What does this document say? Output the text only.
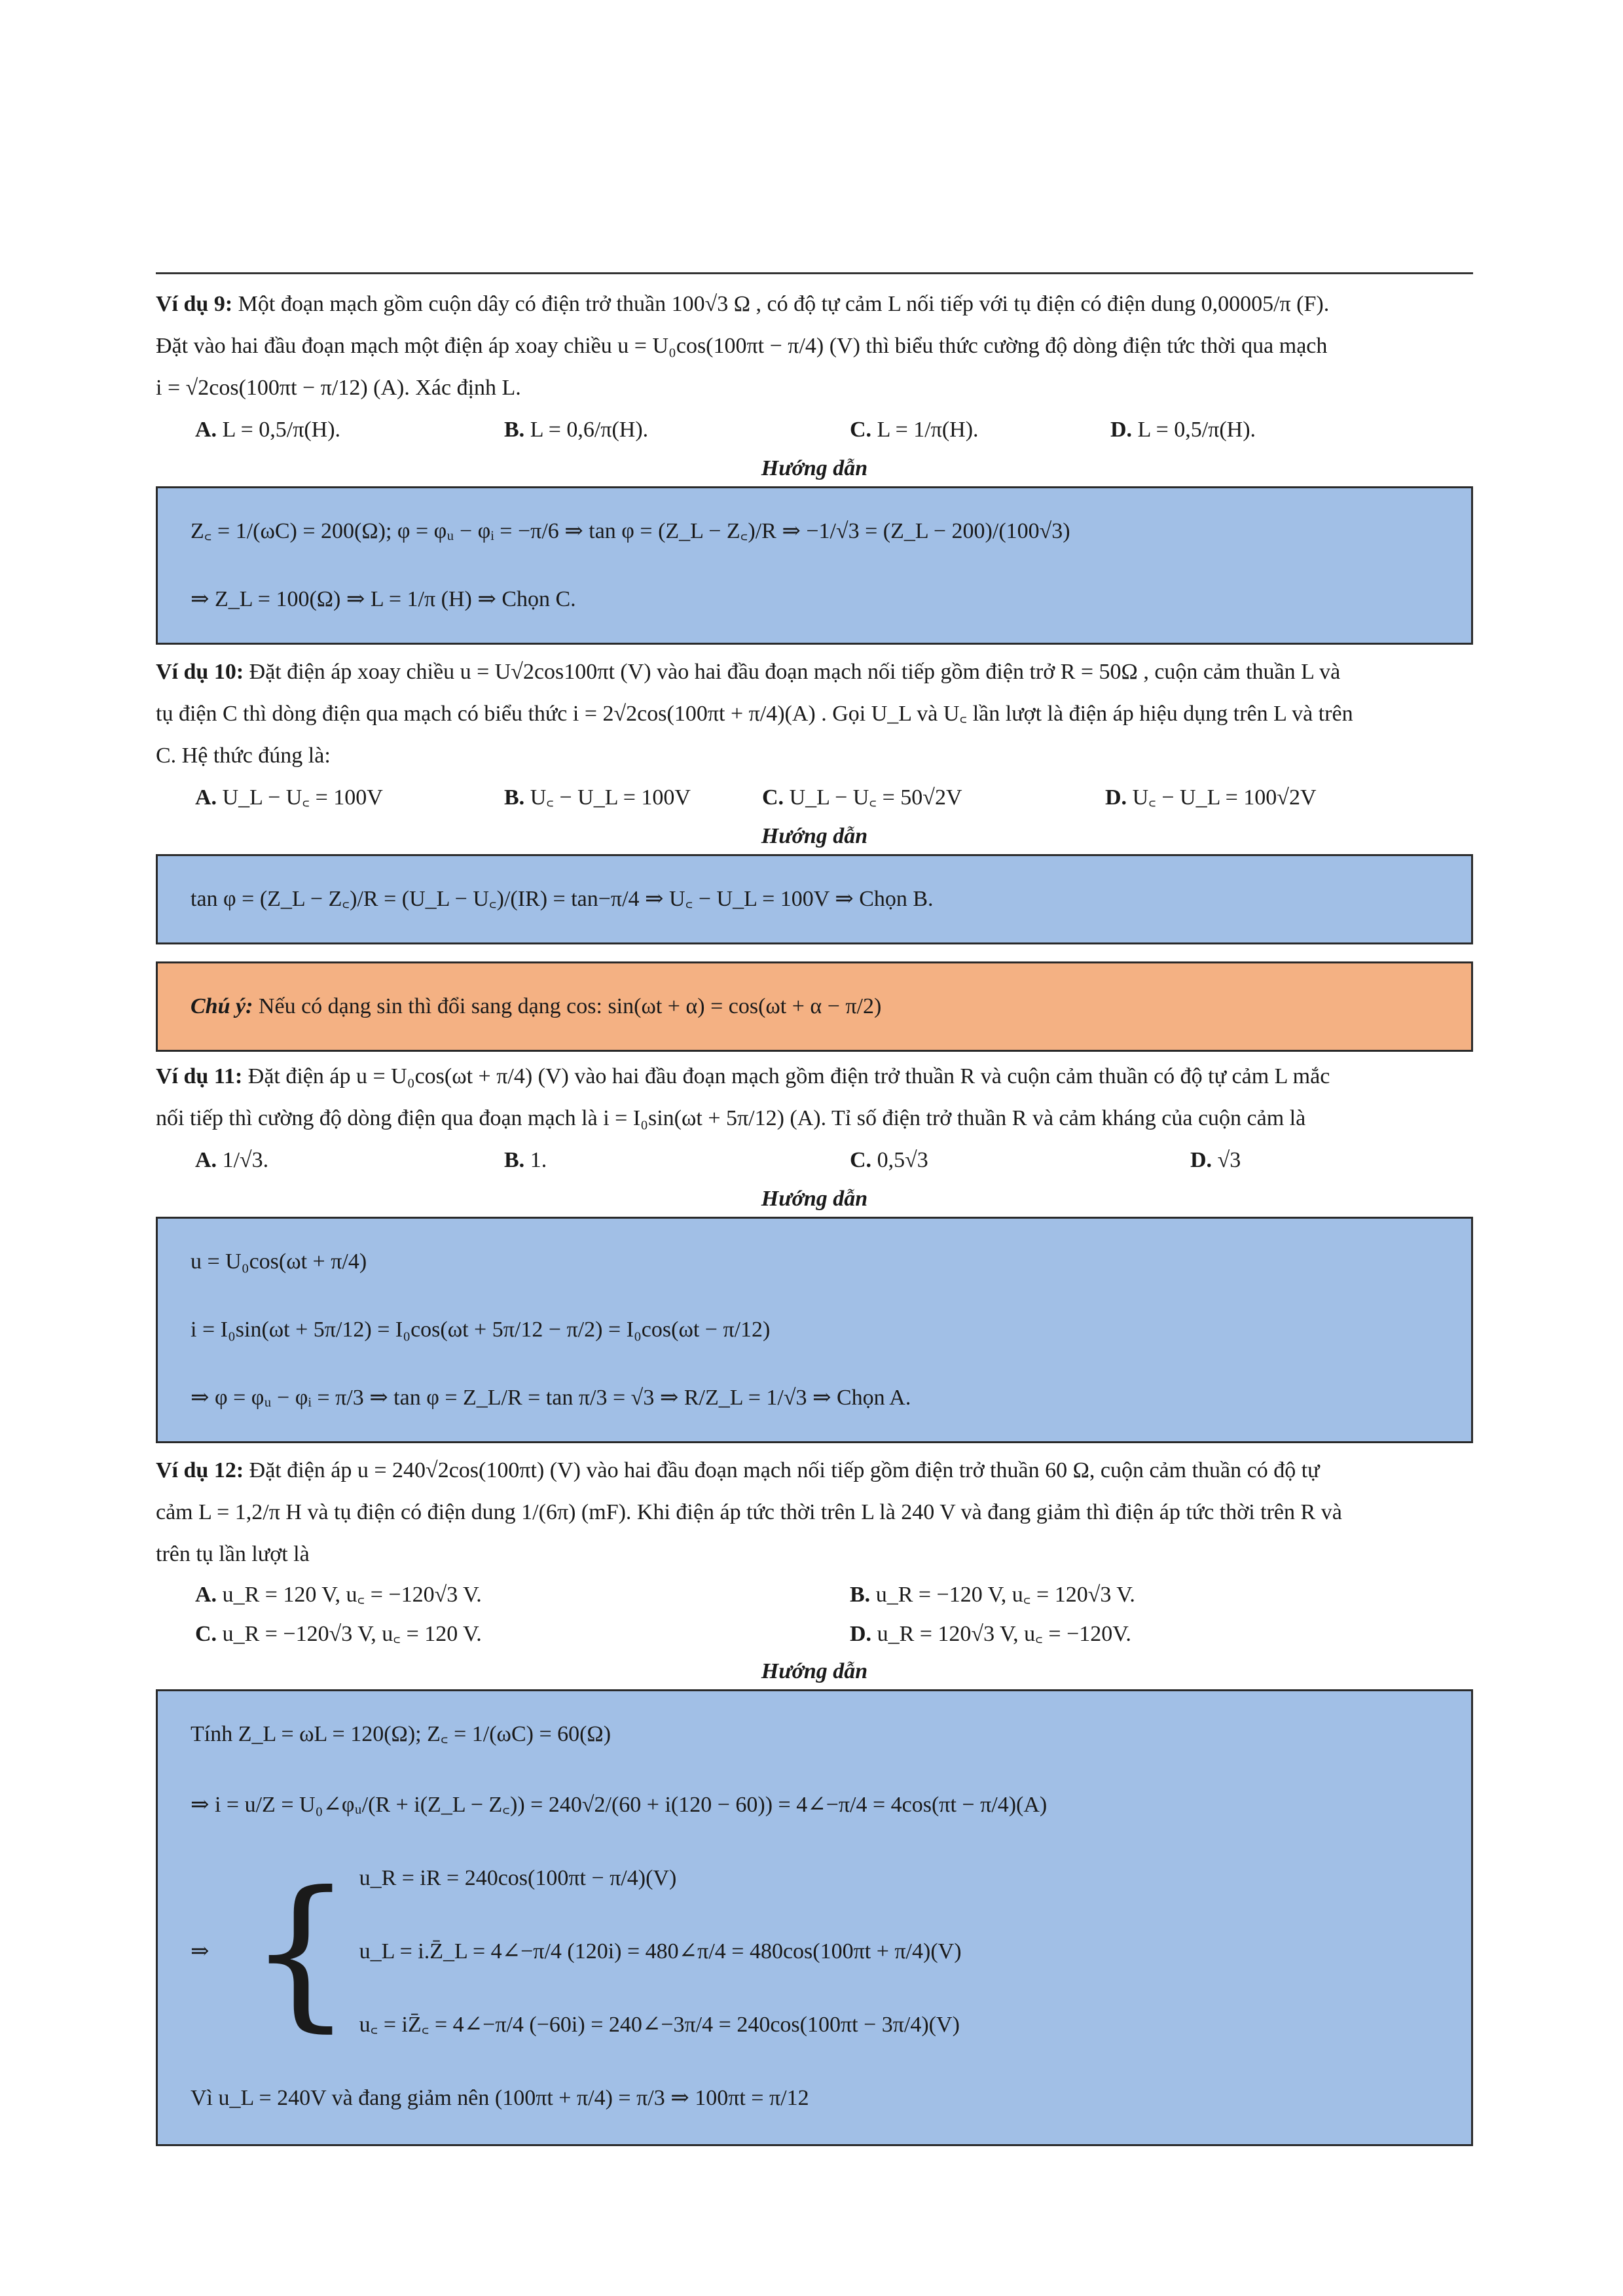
Ví dụ 9: Một đoạn mạch gồm cuộn dây có điện trở thuần 100√3 Ω , có độ tự cảm L nối tiếp với tụ điện có điện dung 0,00005/π (F).

Đặt vào hai đầu đoạn mạch một điện áp xoay chiều u = U₀cos(100πt − π/4) (V) thì biểu thức cường độ dòng điện tức thời qua mạch

i = √2cos(100πt − π/12) (A). Xác định L.

A. L = 0,5/π(H).	B. L = 0,6/π(H).	C. L = 1/π(H).	D. L = 0,5/π(H).
Hướng dẫn
Z꜀ = 1/(ωC) = 200(Ω); φ = φᵤ − φᵢ = −π/6 ⇒ tan φ = (Z_L − Z꜀)/R ⇒ −1/√3 = (Z_L − 200)/(100√3)
⇒ Z_L = 100(Ω) ⇒ L = 1/π (H) ⇒ Chọn C.

Ví dụ 10: Đặt điện áp xoay chiều u = U√2cos100πt (V) vào hai đầu đoạn mạch nối tiếp gồm điện trở R = 50Ω , cuộn cảm thuần L và

tụ điện C thì dòng điện qua mạch có biểu thức i = 2√2cos(100πt + π/4)(A) . Gọi U_L và U꜀ lần lượt là điện áp hiệu dụng trên L và trên

C. Hệ thức đúng là:

A. U_L − U꜀ = 100V	B. U꜀ − U_L = 100V	C. U_L − U꜀ = 50√2V	D. U꜀ − U_L = 100√2V
Hướng dẫn
tan φ = (Z_L − Z꜀)/R = (U_L − U꜀)/(IR) = tan−π/4 ⇒ U꜀ − U_L = 100V ⇒ Chọn B.
Chú ý: Nếu có dạng sin thì đổi sang dạng cos: sin(ωt + α) = cos(ωt + α − π/2)

Ví dụ 11: Đặt điện áp u = U₀cos(ωt + π/4) (V) vào hai đầu đoạn mạch gồm điện trở thuần R và cuộn cảm thuần có độ tự cảm L mắc

nối tiếp thì cường độ dòng điện qua đoạn mạch là i = I₀sin(ωt + 5π/12) (A). Tỉ số điện trở thuần R và cảm kháng của cuộn cảm là

A. 1/√3.	B. 1.	C. 0,5√3	D. √3
Hướng dẫn
u = U₀cos(ωt + π/4)
i = I₀sin(ωt + 5π/12) = I₀cos(ωt + 5π/12 − π/2) = I₀cos(ωt − π/12)
⇒ φ = φᵤ − φᵢ = π/3 ⇒ tan φ = Z_L/R = tan π/3 = √3 ⇒ R/Z_L = 1/√3 ⇒ Chọn A.

Ví dụ 12: Đặt điện áp u = 240√2cos(100πt) (V) vào hai đầu đoạn mạch nối tiếp gồm điện trở thuần 60 Ω, cuộn cảm thuần có độ tự

cảm L = 1,2/π H và tụ điện có điện dung 1/(6π) (mF). Khi điện áp tức thời trên L là 240 V và đang giảm thì điện áp tức thời trên R và

trên tụ lần lượt là

A. u_R = 120 V, u꜀ = −120√3 V.	B. u_R = −120 V, u꜀ = 120√3 V.
C. u_R = −120√3 V, u꜀ = 120 V.	D. u_R = 120√3 V, u꜀ = −120V.
Hướng dẫn
Tính Z_L = ωL = 120(Ω); Z꜀ = 1/(ωC) = 60(Ω)
⇒ i = u/Z = U₀∠φᵤ/(R + i(Z_L − Z꜀)) = 240√2/(60 + i(120 − 60)) = 4∠−π/4 = 4cos(πt − π/4)(A)
⇒ { u_R = iR = 240cos(100πt − π/4)(V)
u_L = i.Z̄_L = 4∠−π/4 (120i) = 480∠π/4 = 480cos(100πt + π/4)(V)
u꜀ = iZ̄꜀ = 4∠−π/4 (−60i) = 240∠−3π/4 = 240cos(100πt − 3π/4)(V)
Vì u_L = 240V và đang giảm nên (100πt + π/4) = π/3 ⇒ 100πt = π/12
